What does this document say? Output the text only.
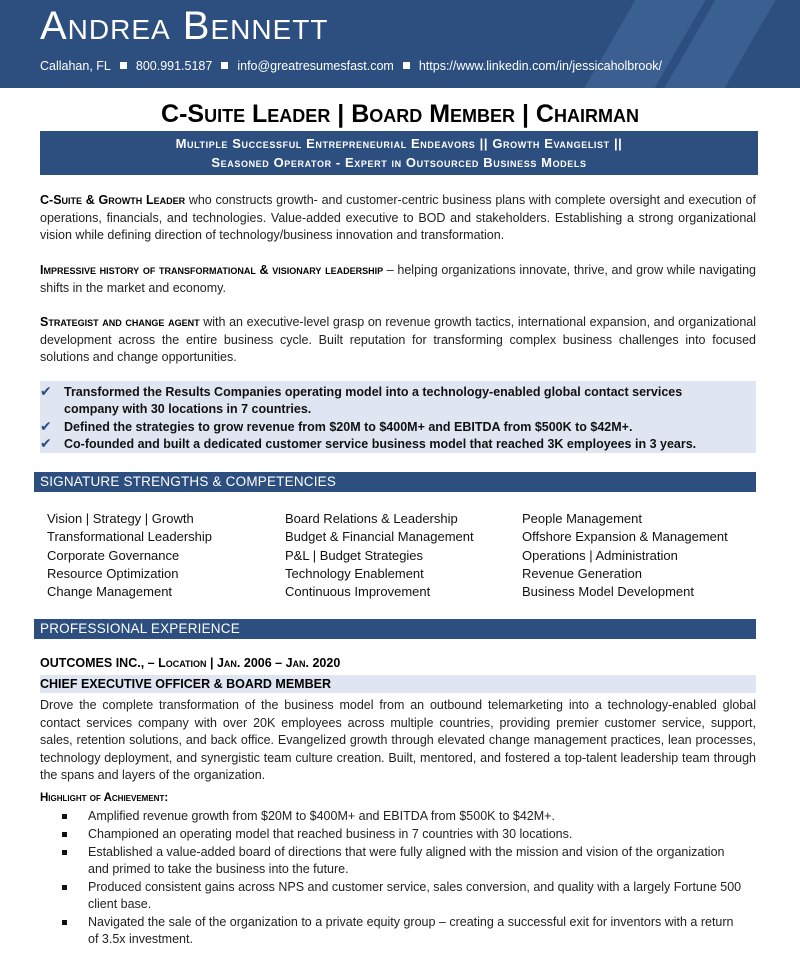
Andrea Bennett
Callahan, FL 800.991.5187 info@greatresumesfast.com https://www.linkedin.com/in/jessicaholbrook/
C-Suite Leader | Board Member | Chairman
Multiple Successful Entrepreneurial Endeavors || Growth Evangelist ||
Seasoned Operator - Expert in Outsourced Business Models
C-Suite & Growth Leader who constructs growth- and customer-centric business plans with complete oversight and execution of operations, financials, and technologies. Value-added executive to BOD and stakeholders. Establishing a strong organizational vision while defining direction of technology/business innovation and transformation.
Impressive history of transformational & visionary leadership – helping organizations innovate, thrive, and grow while navigating shifts in the market and economy.
Strategist and change agent with an executive-level grasp on revenue growth tactics, international expansion, and organizational development across the entire business cycle. Built reputation for transforming complex business challenges into focused solutions and change opportunities.
✔ Transformed the Results Companies operating model into a technology-enabled global contact services company with 30 locations in 7 countries.
✔ Defined the strategies to grow revenue from $20M to $400M+ and EBITDA from $500K to $42M+.
✔ Co-founded and built a dedicated customer service business model that reached 3K employees in 3 years.
SIGNATURE STRENGTHS & COMPETENCIES
Vision | Strategy | Growth
Transformational Leadership
Corporate Governance
Resource Optimization
Change Management
Board Relations & Leadership
Budget & Financial Management
P&L | Budget Strategies
Technology Enablement
Continuous Improvement
People Management
Offshore Expansion & Management
Operations | Administration
Revenue Generation
Business Model Development
PROFESSIONAL EXPERIENCE
OUTCOMES INC., – Location | Jan. 2006 – Jan. 2020
CHIEF EXECUTIVE OFFICER & BOARD MEMBER
Drove the complete transformation of the business model from an outbound telemarketing into a technology-enabled global contact services company with over 20K employees across multiple countries, providing premier customer service, support, sales, retention solutions, and back office. Evangelized growth through elevated change management practices, lean processes, technology deployment, and synergistic team culture creation. Built, mentored, and fostered a top-talent leadership team through the spans and layers of the organization.
Highlight of Achievement:
Amplified revenue growth from $20M to $400M+ and EBITDA from $500K to $42M+.
Championed an operating model that reached business in 7 countries with 30 locations.
Established a value-added board of directions that were fully aligned with the mission and vision of the organization and primed to take the business into the future.
Produced consistent gains across NPS and customer service, sales conversion, and quality with a largely Fortune 500 client base.
Navigated the sale of the organization to a private equity group – creating a successful exit for inventors with a return of 3.5x investment.
